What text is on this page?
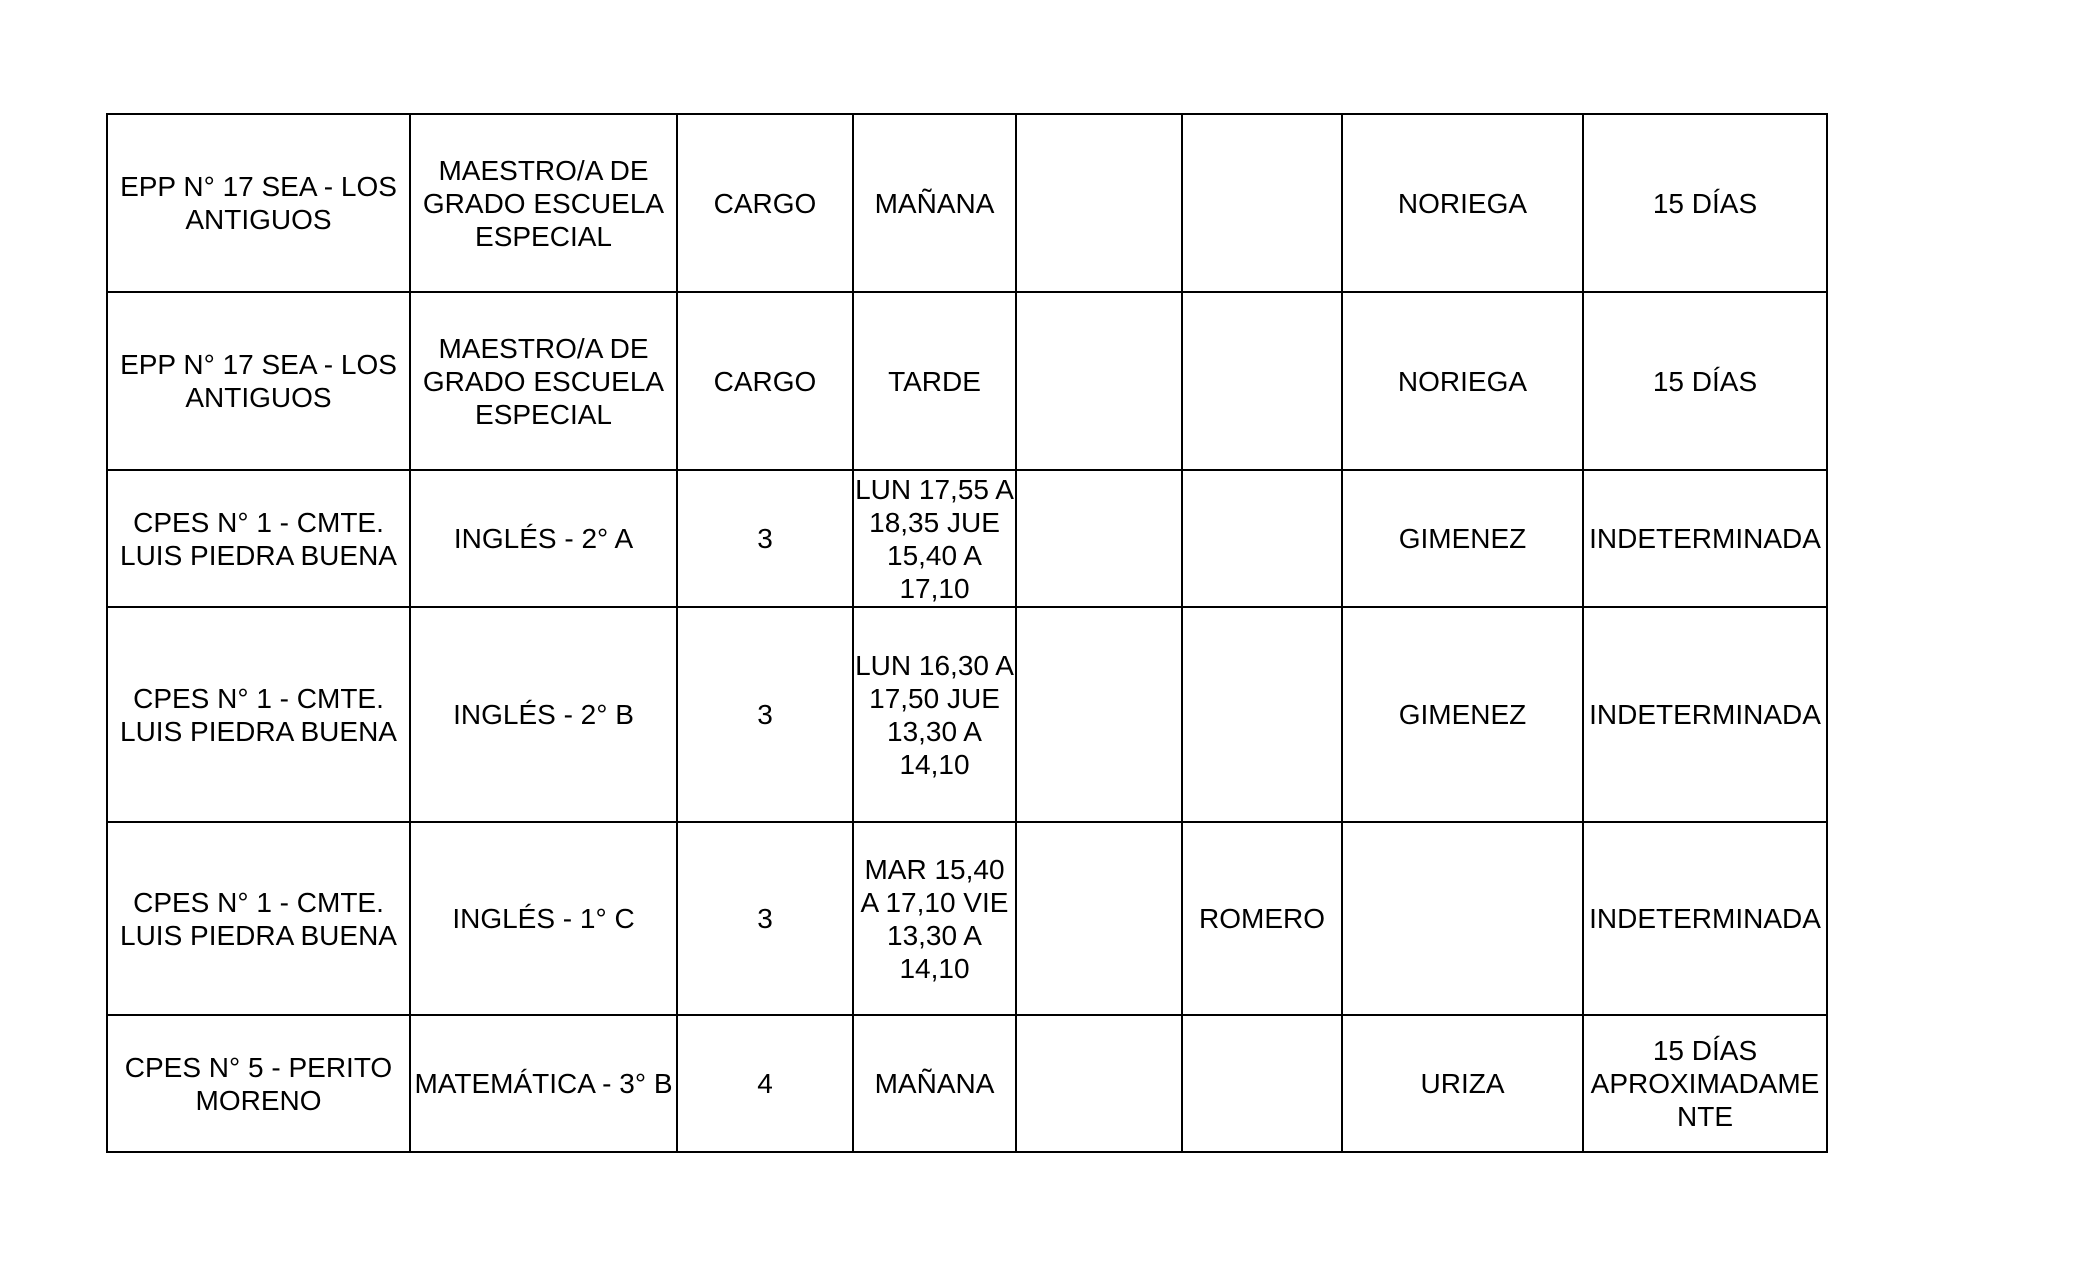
EPP N° 17 SEA - LOS ANTIGUOS	MAESTRO/A DE GRADO ESCUELA ESPECIAL	CARGO	MAÑANA			NORIEGA	15 DÍAS
EPP N° 17 SEA - LOS ANTIGUOS	MAESTRO/A DE GRADO ESCUELA ESPECIAL	CARGO	TARDE			NORIEGA	15 DÍAS
CPES N° 1 - CMTE. LUIS PIEDRA BUENA	INGLÉS - 2° A	3	LUN 17,55 A 18,35 JUE 15,40 A 17,10			GIMENEZ	INDETERMINADA
CPES N° 1 - CMTE. LUIS PIEDRA BUENA	INGLÉS - 2° B	3	LUN 16,30 A 17,50 JUE 13,30 A 14,10			GIMENEZ	INDETERMINADA
CPES N° 1 - CMTE. LUIS PIEDRA BUENA	INGLÉS - 1° C	3	MAR 15,40 A 17,10 VIE 13,30 A 14,10		ROMERO		INDETERMINADA
CPES N° 5 - PERITO MORENO	MATEMÁTICA - 3° B	4	MAÑANA			URIZA	15 DÍAS APROXIMADAMENTE
